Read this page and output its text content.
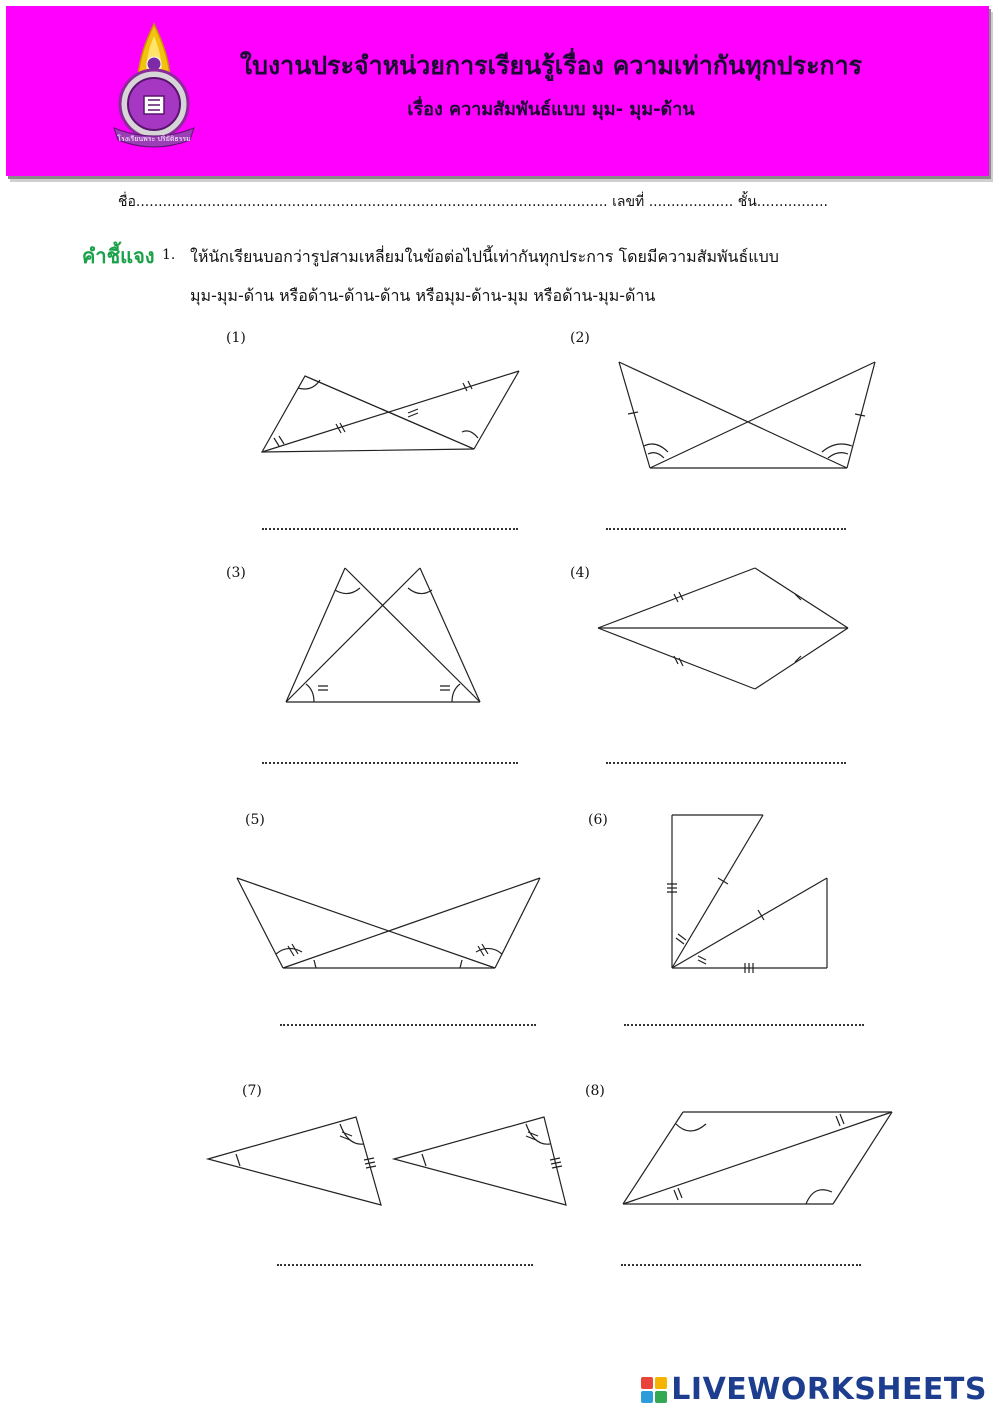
โรงเรียนพระ ปริยัติธรรม
ใบงานประจำหน่วยการเรียนรู้เรื่อง ความเท่ากันทุกประการ
เรื่อง ความสัมพันธ์แบบ มุม- มุม-ด้าน
ชื่อ.......................................................................................................... เลขที่ ................... ชั้น................
คำชี้แจง 1. ให้นักเรียนบอกว่ารูปสามเหลี่ยมในข้อต่อไปนี้เท่ากันทุกประการ โดยมีความสัมพันธ์แบบ
มุม-มุม-ด้าน หรือด้าน-ด้าน-ด้าน หรือมุม-ด้าน-มุม หรือด้าน-มุม-ด้าน
(1)	(2)
(3)	(4)
(5)	(6)
(7)	(8)
LIVEWORKSHEETS
